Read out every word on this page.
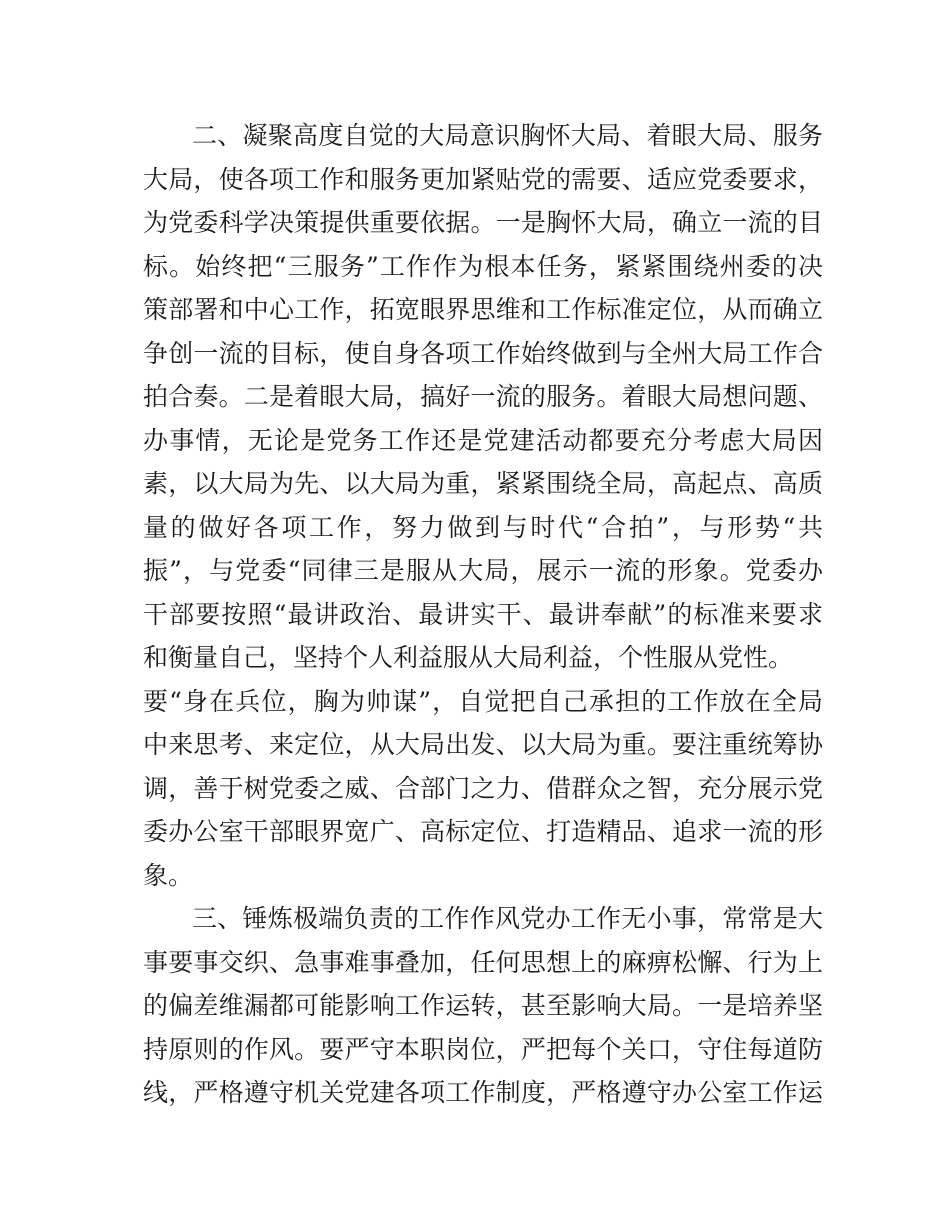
二、凝聚高度自觉的大局意识胸怀大局、着眼大局、服务
大局，使各项工作和服务更加紧贴党的需要、适应党委要求，
为党委科学决策提供重要依据。一是胸怀大局，确立一流的目
标。始终把“三服务”工作作为根本任务，紧紧围绕州委的决
策部署和中心工作，拓宽眼界思维和工作标准定位，从而确立
争创一流的目标，使自身各项工作始终做到与全州大局工作合
拍合奏。二是着眼大局，搞好一流的服务。着眼大局想问题、
办事情，无论是党务工作还是党建活动都要充分考虑大局因
素，以大局为先、以大局为重，紧紧围绕全局，高起点、高质
量的做好各项工作，努力做到与时代“合拍”，与形势“共
振”，与党委“同律三是服从大局，展示一流的形象。党委办
干部要按照“最讲政治、最讲实干、最讲奉献”的标准来要求
和衡量自己，坚持个人利益服从大局利益，个性服从党性。
要“身在兵位，胸为帅谋”，自觉把自己承担的工作放在全局
中来思考、来定位，从大局出发、以大局为重。要注重统筹协
调，善于树党委之威、合部门之力、借群众之智，充分展示党
委办公室干部眼界宽广、高标定位、打造精品、追求一流的形
象。
三、锤炼极端负责的工作作风党办工作无小事，常常是大
事要事交织、急事难事叠加，任何思想上的麻痹松懈、行为上
的偏差维漏都可能影响工作运转，甚至影响大局。一是培养坚
持原则的作风。要严守本职岗位，严把每个关口，守住每道防
线，严格遵守机关党建各项工作制度，严格遵守办公室工作运
